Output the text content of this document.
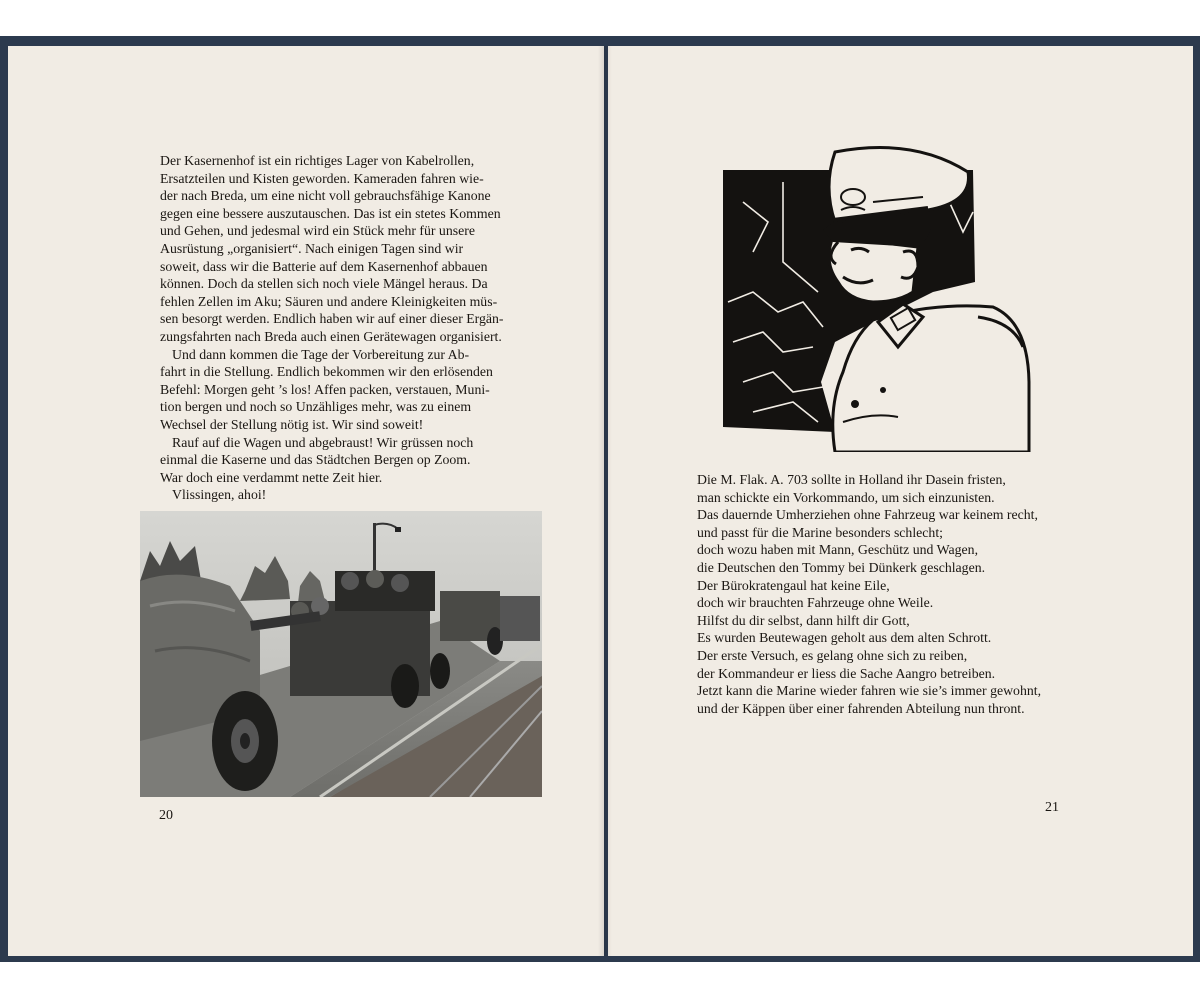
Der Kasernenhof ist ein richtiges Lager von Kabelrollen,

Ersatzteilen und Kisten geworden. Kameraden fahren wie-

der nach Breda, um eine nicht voll gebrauchsfähige Kanone

gegen eine bessere auszutauschen. Das ist ein stetes Kommen

und Gehen, und jedesmal wird ein Stück mehr für unsere

Ausrüstung „organisiert“. Nach einigen Tagen sind wir

soweit, dass wir die Batterie auf dem Kasernenhof abbauen

können. Doch da stellen sich noch viele Mängel heraus. Da

fehlen Zellen im Aku; Säuren und andere Kleinigkeiten müs-

sen besorgt werden. Endlich haben wir auf einer dieser Ergän-

zungsfahrten nach Breda auch einen Gerätewagen organisiert.

Und dann kommen die Tage der Vorbereitung zur Ab-

fahrt in die Stellung. Endlich bekommen wir den erlösenden

Befehl: Morgen geht ’s los! Affen packen, verstauen, Muni-

tion bergen und noch so Unzähliges mehr, was zu einem

Wechsel der Stellung nötig ist. Wir sind soweit!

Rauf auf die Wagen und abgebraust! Wir grüssen noch

einmal die Kaserne und das Städtchen Bergen op Zoom.

War doch eine verdammt nette Zeit hier.

Vlissingen, ahoi!

Die M. Flak. A. 703 sollte in Holland ihr Dasein fristen,

man schickte ein Vorkommando, um sich einzunisten.

Das dauernde Umherziehen ohne Fahrzeug war keinem recht,

und passt für die Marine besonders schlecht;

doch wozu haben mit Mann, Geschütz und Wagen,

die Deutschen den Tommy bei Dünkerk geschlagen.

Der Bürokratengaul hat keine Eile,

doch wir brauchten Fahrzeuge ohne Weile.

Hilfst du dir selbst, dann hilft dir Gott,

Es wurden Beutewagen geholt aus dem alten Schrott.

Der erste Versuch, es gelang ohne sich zu reiben,

der Kommandeur er liess die Sache Aangro betreiben.

Jetzt kann die Marine wieder fahren wie sie’s immer gewohnt,

und der Käppen über einer fahrenden Abteilung nun thront.

20
21
